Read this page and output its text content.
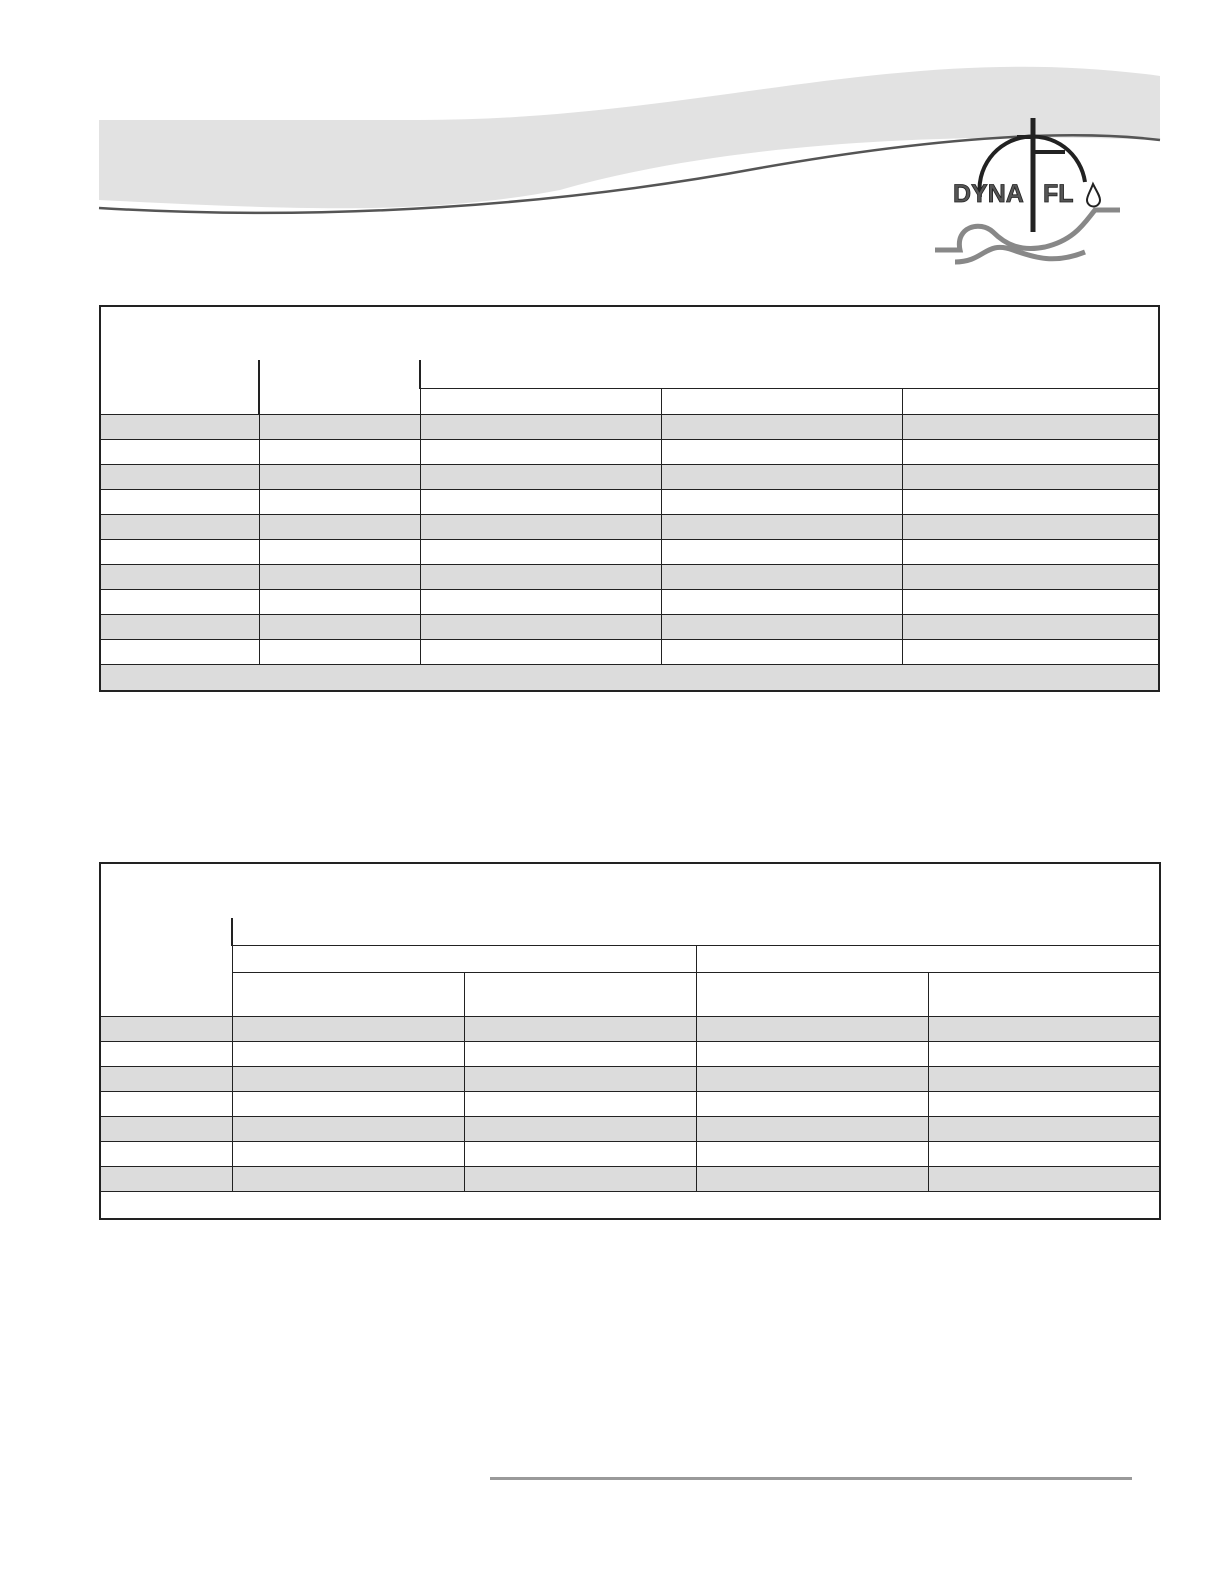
DYNA FL
